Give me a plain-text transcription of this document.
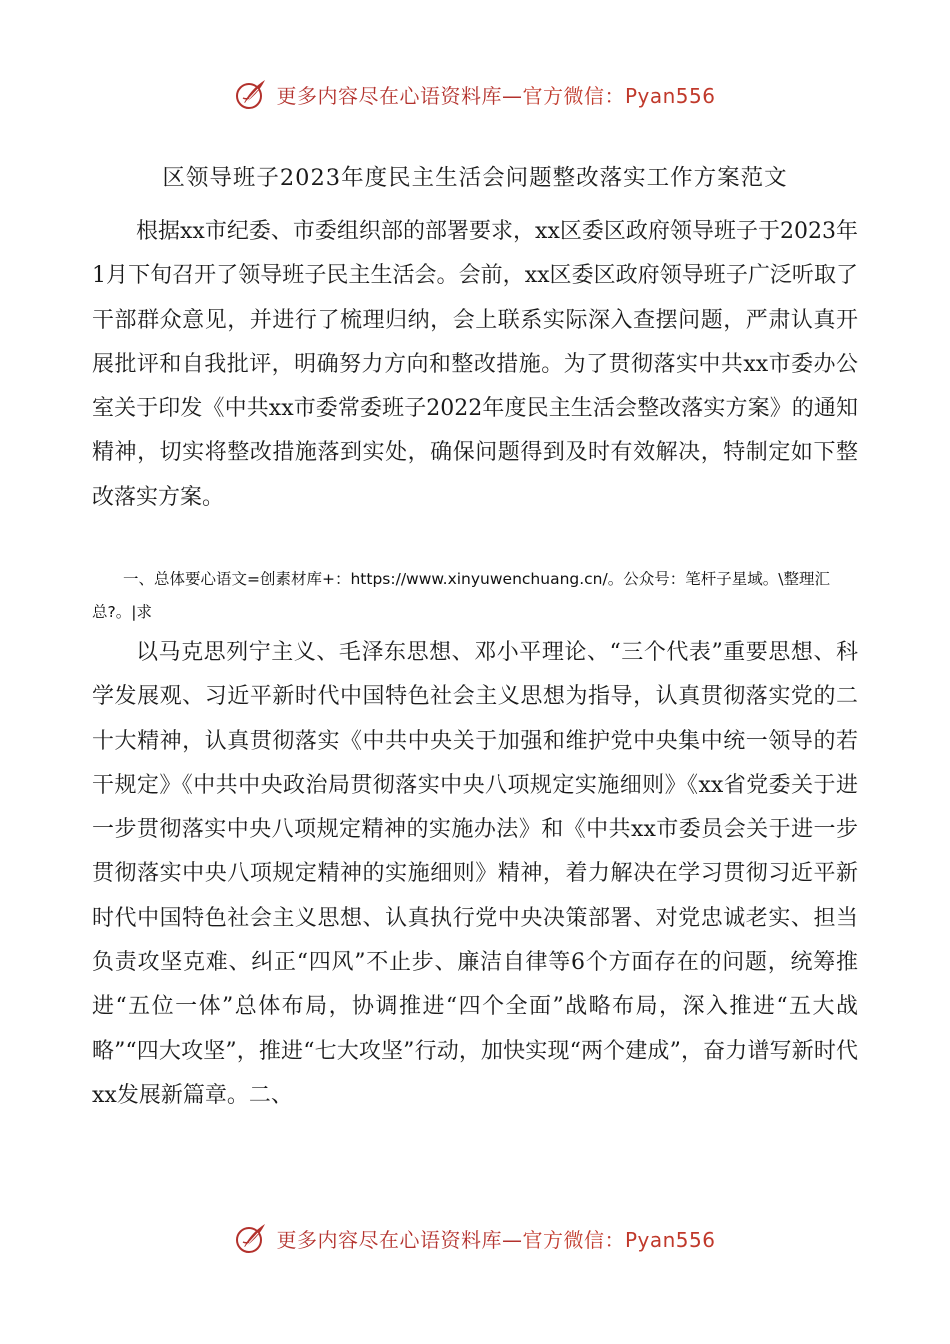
更多内容尽在心语资料库—官方微信：Pyan556
区领导班子2023年度民主生活会问题整改落实工作方案范文

根据xx市纪委、市委组织部的部署要求，xx区委区政府领导班子于2023年1月下旬召开了领导班子民主生活会。会前，xx区委区政府领导班子广泛听取了干部群众意见，并进行了梳理归纳，会上联系实际深入查摆问题，严肃认真开展批评和自我批评，明确努力方向和整改措施。为了贯彻落实中共xx市委办公室关于印发《中共xx市委常委班子2022年度民主生活会整改落实方案》的通知精神，切实将整改措施落到实处，确保问题得到及时有效解决，特制定如下整改落实方案。

一、总体要心语文=创素材库+：https://www.xinyuwenchuang.cn/。公众号：笔杆子星域。\整理汇总?。|求

以马克思列宁主义、毛泽东思想、邓小平理论、“三个代表”重要思想、科学发展观、习近平新时代中国特色社会主义思想为指导，认真贯彻落实党的二十大精神，认真贯彻落实《中共中央关于加强和维护党中央集中统一领导的若干规定》《中共中央政治局贯彻落实中央八项规定实施细则》《xx省党委关于进一步贯彻落实中央八项规定精神的实施办法》和《中共xx市委员会关于进一步贯彻落实中央八项规定精神的实施细则》精神，着力解决在学习贯彻习近平新时代中国特色社会主义思想、认真执行党中央决策部署、对党忠诚老实、担当负责攻坚克难、纠正“四风”不止步、廉洁自律等6个方面存在的问题，统筹推进“五位一体”总体布局，协调推进“四个全面”战略布局，深入推进“五大战略”“四大攻坚”，推进“七大攻坚”行动，加快实现“两个建成”，奋力谱写新时代xx发展新篇章。二、

更多内容尽在心语资料库—官方微信：Pyan556
